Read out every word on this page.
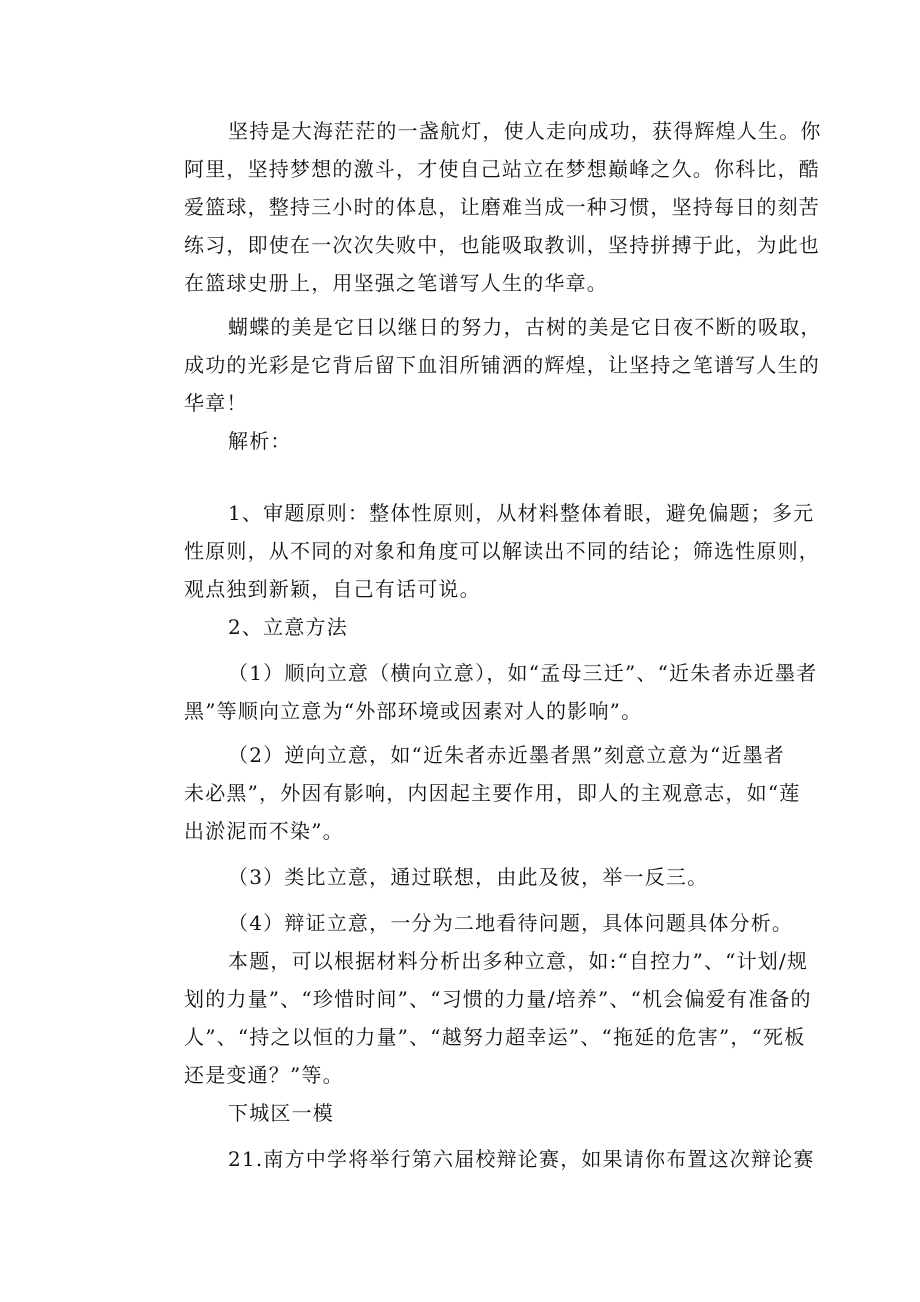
坚持是大海茫茫的一盏航灯，使人走向成功，获得辉煌人生。你
阿里，坚持梦想的激斗，才使自己站立在梦想巅峰之久。你科比，酷
爱篮球，整持三小时的体息，让磨难当成一种习惯，坚持每日的刻苦
练习，即使在一次次失败中，也能吸取教训，坚持拼搏于此，为此也
在篮球史册上，用坚强之笔谱写人生的华章。
蝴蝶的美是它日以继日的努力，古树的美是它日夜不断的吸取，
成功的光彩是它背后留下血泪所铺洒的辉煌，让坚持之笔谱写人生的
华章！
解析：
1、审题原则：整体性原则，从材料整体着眼，避免偏题；多元
性原则，从不同的对象和角度可以解读出不同的结论；筛选性原则，
观点独到新颖，自己有话可说。
2、立意方法
（1）顺向立意（横向立意），如“孟母三迁”、“近朱者赤近墨者
黑”等顺向立意为“外部环境或因素对人的影响”。
（2）逆向立意，如“近朱者赤近墨者黑”刻意立意为“近墨者
未必黑”，外因有影响，内因起主要作用，即人的主观意志，如“莲
出淤泥而不染”。
（3）类比立意，通过联想，由此及彼，举一反三。
（4）辩证立意，一分为二地看待问题，具体问题具体分析。
本题，可以根据材料分析出多种立意，如:“自控力”、“计划/规
划的力量”、“珍惜时间”、“习惯的力量/培养”、“机会偏爱有准备的
人”、“持之以恒的力量”、“越努力超幸运”、“拖延的危害”，“死板
还是变通？”等。
下城区一模
21.南方中学将举行第六届校辩论赛，如果请你布置这次辩论赛
